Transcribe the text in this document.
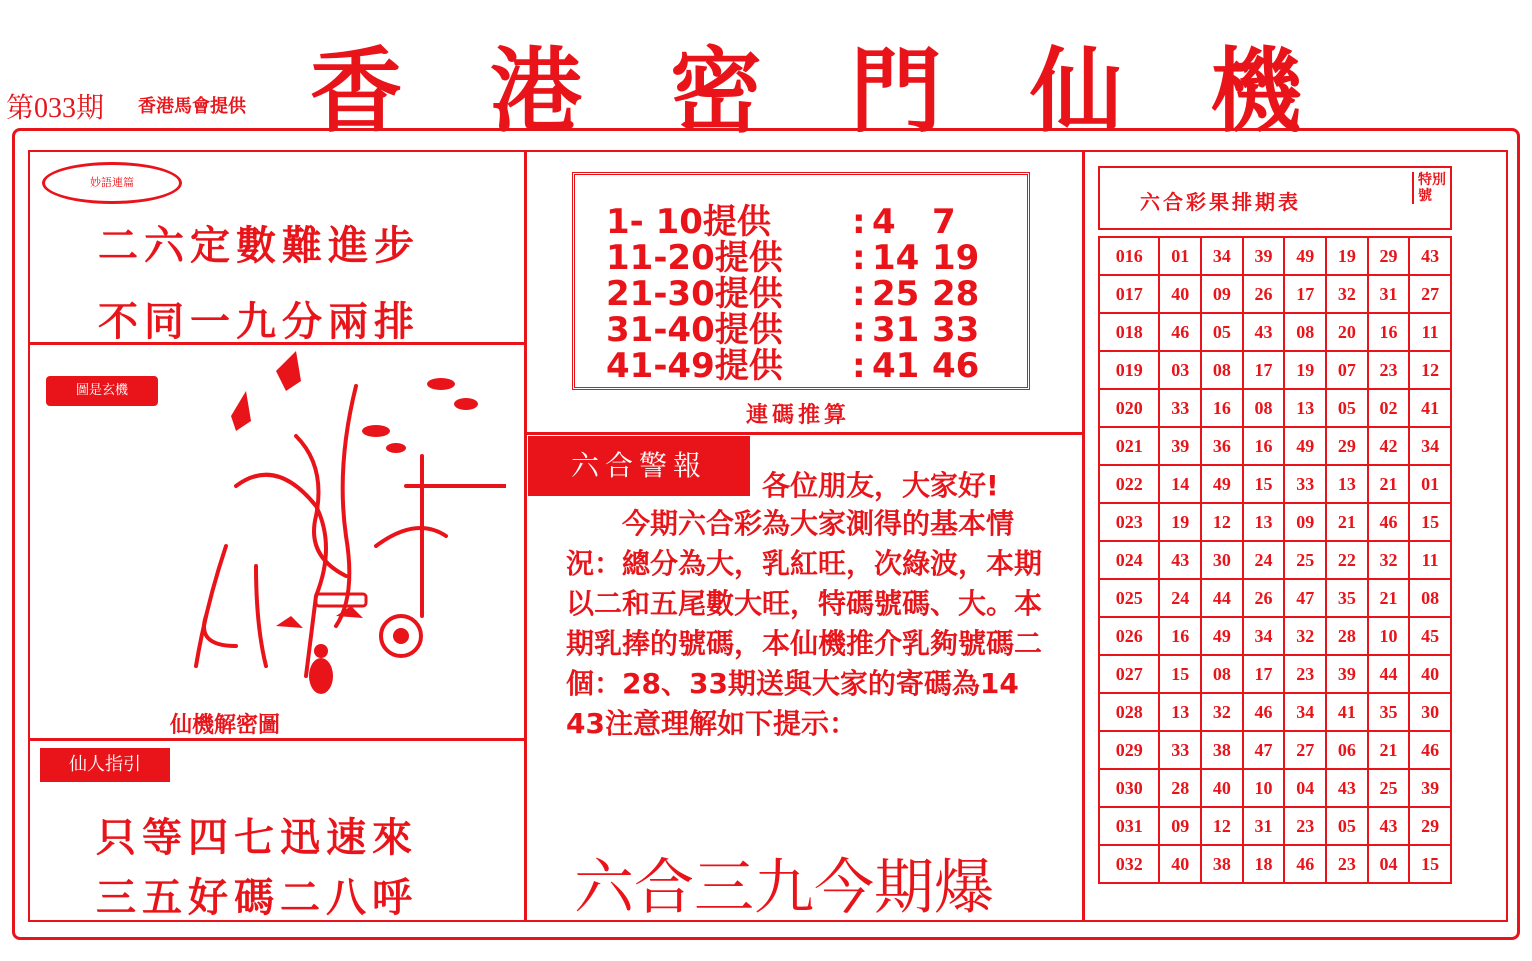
第033期 香港馬會提供 香港密門仙機
妙語連篇
二六定數難進步
不同一九分兩排
圖是玄機
仙機解密圖
仙人指引
只等四七迅速來
三五好碼二八呼
1- 10提供 : 4 7
11-20提供 : 14 19
21-30提供 : 25 28
31-40提供 : 31 33
41-49提供 : 41 46
連碼推算
六合警報
各位朋友，大家好!
今期六合彩為大家測得的基本情況：總分為大，乳紅旺，次綠波，本期以二和五尾數大旺，特碼號碼、大。本期乳捧的號碼，本仙機推介乳夠號碼二個：28、33期送與大家的寄碼為14 43注意理解如下提示：
六合三九今期爆
六合彩果排期表
特別號
016	01	34	39	49	19	29	43
017	40	09	26	17	32	31	27
018	46	05	43	08	20	16	11
019	03	08	17	19	07	23	12
020	33	16	08	13	05	02	41
021	39	36	16	49	29	42	34
022	14	49	15	33	13	21	01
023	19	12	13	09	21	46	15
024	43	30	24	25	22	32	11
025	24	44	26	47	35	21	08
026	16	49	34	32	28	10	45
027	15	08	17	23	39	44	40
028	13	32	46	34	41	35	30
029	33	38	47	27	06	21	46
030	28	40	10	04	43	25	39
031	09	12	31	23	05	43	29
032	40	38	18	46	23	04	15
